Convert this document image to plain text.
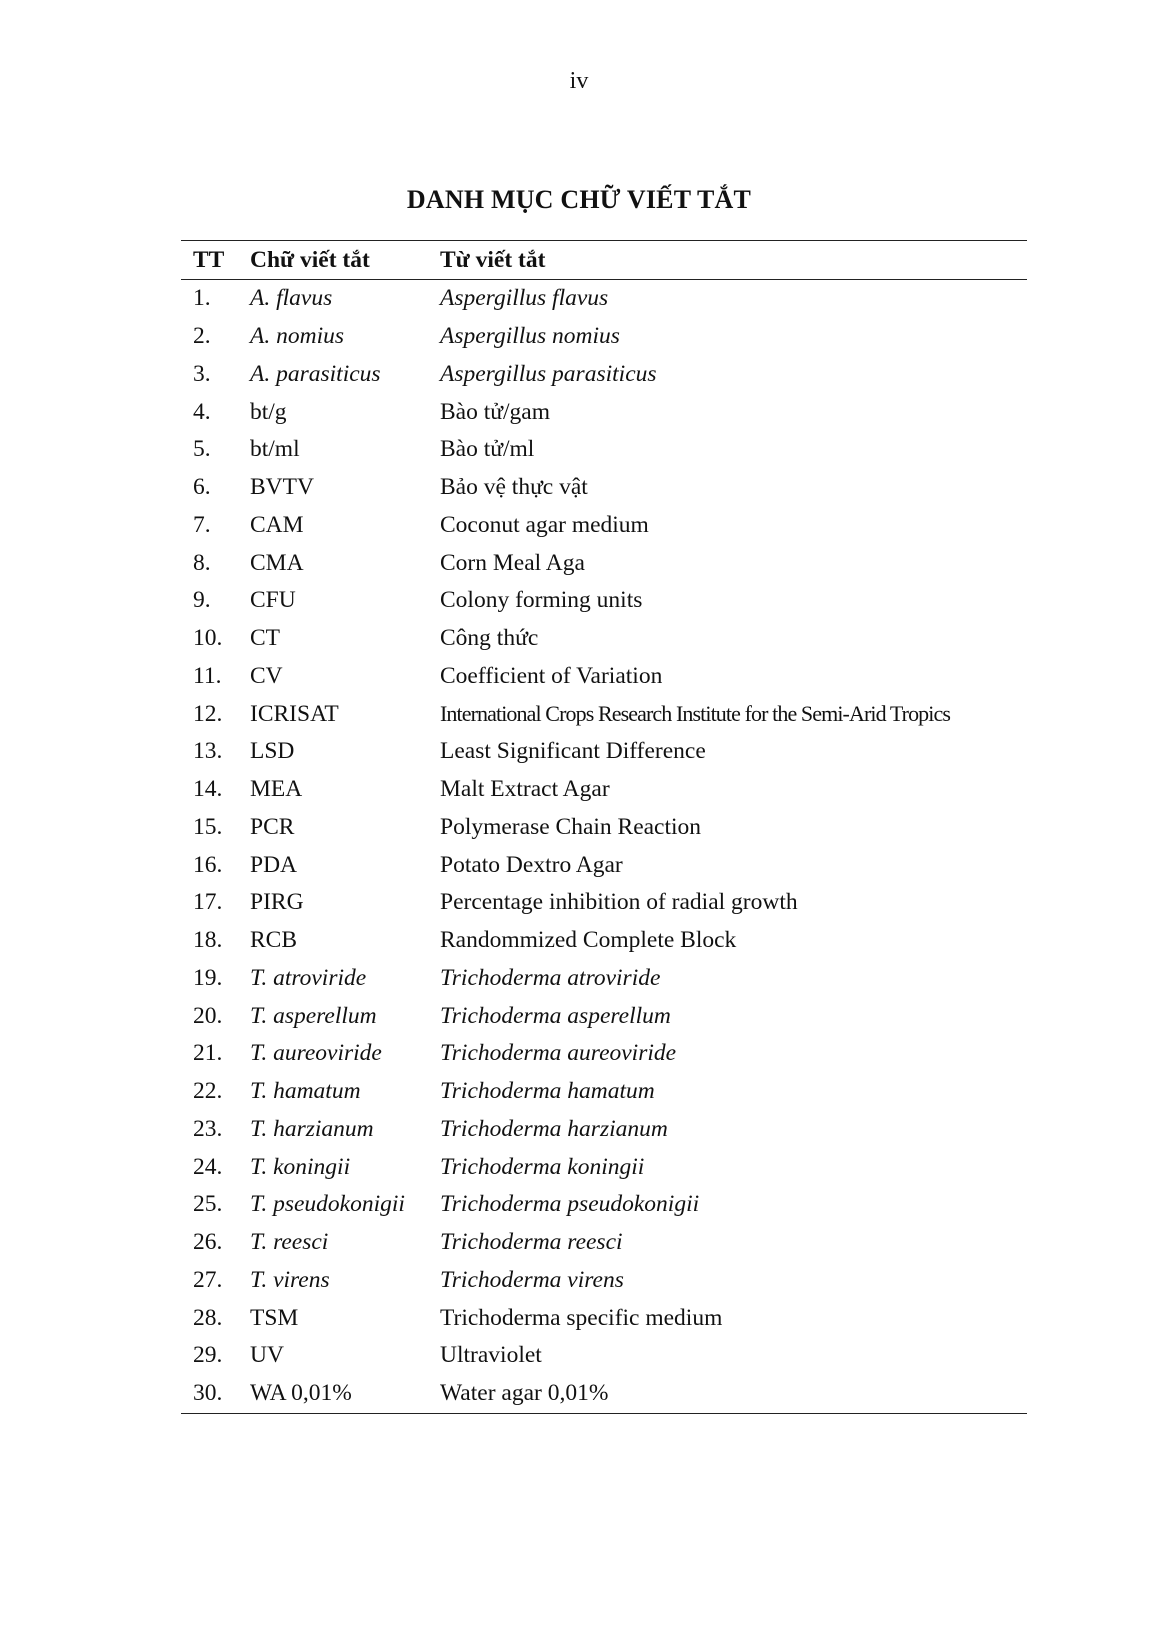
iv
DANH MỤC CHỮ VIẾT TẮT
TT	Chữ viết tắt	Từ viết tắt
1.	A. flavus	Aspergillus flavus
2.	A. nomius	Aspergillus nomius
3.	A. parasiticus	Aspergillus parasiticus
4.	bt/g	Bào tử/gam
5.	bt/ml	Bào tử/ml
6.	BVTV	Bảo vệ thực vật
7.	CAM	Coconut agar medium
8.	CMA	Corn Meal Aga
9.	CFU	Colony forming units
10.	CT	Công thức
11.	CV	Coefficient of Variation
12.	ICRISAT	International Crops Research Institute for the Semi-Arid Tropics
13.	LSD	Least Significant Difference
14.	MEA	Malt Extract Agar
15.	PCR	Polymerase Chain Reaction
16.	PDA	Potato Dextro Agar
17.	PIRG	Percentage inhibition of radial growth
18.	RCB	Randommized Complete Block
19.	T. atroviride	Trichoderma atroviride
20.	T. asperellum	Trichoderma asperellum
21.	T. aureoviride	Trichoderma aureoviride
22.	T. hamatum	Trichoderma hamatum
23.	T. harzianum	Trichoderma harzianum
24.	T. koningii	Trichoderma koningii
25.	T. pseudokonigii	Trichoderma pseudokonigii
26.	T. reesci	Trichoderma reesci
27.	T. virens	Trichoderma virens
28.	TSM	Trichoderma specific medium
29.	UV	Ultraviolet
30.	WA 0,01%	Water agar 0,01%
